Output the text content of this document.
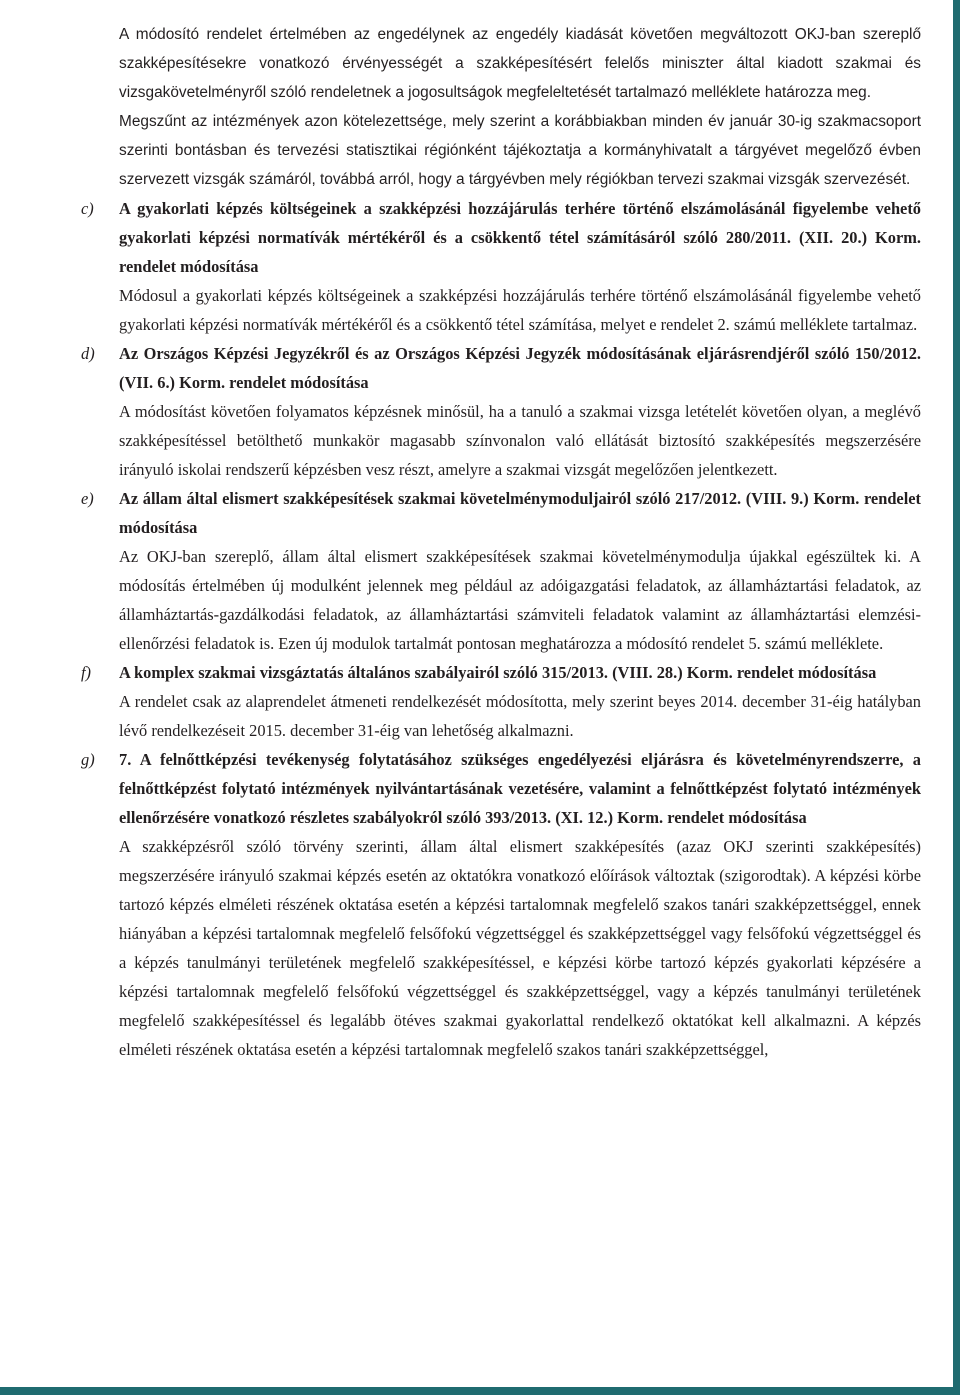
A módosító rendelet értelmében az engedélynek az engedély kiadását követően megváltozott OKJ-ban szereplő szakképesítésekre vonatkozó érvényességét a szakképesítésért felelős miniszter által kiadott szakmai és vizsgakövetelményről szóló rendeletnek a jogosultságok megfeleltetését tartalmazó melléklete határozza meg.

Megszűnt az intézmények azon kötelezettsége, mely szerint a korábbiakban minden év január 30-ig szakmacsoport szerinti bontásban és tervezési statisztikai régiónként tájékoztatja a kormányhivatalt a tárgyévet megelőző évben szervezett vizsgák számáról, továbbá arról, hogy a tárgyévben mely régiókban tervezi szakmai vizsgák szervezését.

c)	A gyakorlati képzés költségeinek a szakképzési hozzájárulás terhére történő elszámolásánál figyelembe vehető gyakorlati képzési normatívák mértékéről és a csökkentő tétel számításáról szóló 280/2011. (XII. 20.) Korm. rendelet módosítása

Módosul a gyakorlati képzés költségeinek a szakképzési hozzájárulás terhére történő elszámolásánál figyelembe vehető gyakorlati képzési normatívák mértékéről és a csökkentő tétel számítása, melyet e rendelet 2. számú melléklete tartalmaz.

d)	Az Országos Képzési Jegyzékről és az Országos Képzési Jegyzék módosításának eljárásrendjéről szóló 150/2012. (VII. 6.) Korm. rendelet módosítása

A módosítást követően folyamatos képzésnek minősül, ha a tanuló a szakmai vizsga letételét követően olyan, a meglévő szakképesítéssel betölthető munkakör magasabb színvonalon való ellátását biztosító szakképesítés megszerzésére irányuló iskolai rendszerű képzésben vesz részt, amelyre a szakmai vizsgát megelőzően jelentkezett.

e)	Az állam által elismert szakképesítések szakmai követelménymoduljairól szóló 217/2012. (VIII. 9.) Korm. rendelet módosítása

Az OKJ-ban szereplő, állam által elismert szakképesítések szakmai követelménymodulja újakkal egészültek ki. A módosítás értelmében új modulként jelennek meg például az adóigazgatási feladatok, az államháztartási feladatok, az államháztartás-gazdálkodási feladatok, az államháztartási számviteli feladatok valamint az államháztartási elemzési-ellenőrzési feladatok is. Ezen új modulok tartalmát pontosan meghatározza a módosító rendelet 5. számú melléklete.

f)	A komplex szakmai vizsgáztatás általános szabályairól szóló 315/2013. (VIII. 28.) Korm. rendelet módosítása

A rendelet csak az alaprendelet átmeneti rendelkezését módosította, mely szerint beyes 2014. december 31-éig hatályban lévő rendelkezéseit 2015. december 31-éig van lehetőség alkalmazni.

g)	7. A felnőttképzési tevékenység folytatásához szükséges engedélyezési eljárásra és követelményrendszerre, a felnőttképzést folytató intézmények nyilvántartásának vezetésére, valamint a felnőttképzést folytató intézmények ellenőrzésére vonatkozó részletes szabályokról szóló 393/2013. (XI. 12.) Korm. rendelet módosítása

A szakképzésről szóló törvény szerinti, állam által elismert szakképesítés (azaz OKJ szerinti szakképesítés) megszerzésére irányuló szakmai képzés esetén az oktatókra vonatkozó előírások változtak (szigorodtak). A képzési körbe tartozó képzés elméleti részének oktatása esetén a képzési tartalomnak megfelelő szakos tanári szakképzettséggel, ennek hiányában a képzési tartalomnak megfelelő felsőfokú végzettséggel és szakképzettséggel vagy felsőfokú végzettséggel és a képzés tanulmányi területének megfelelő szakképesítéssel, e képzési körbe tartozó képzés gyakorlati képzésére a képzési tartalomnak megfelelő felsőfokú végzettséggel és szakképzettséggel, vagy a képzés tanulmányi területének megfelelő szakképesítéssel és legalább ötéves szakmai gyakorlattal rendelkező oktatókat kell alkalmazni. A képzés elméleti részének oktatása esetén a képzési tartalomnak megfelelő szakos tanári szakképzettséggel,
